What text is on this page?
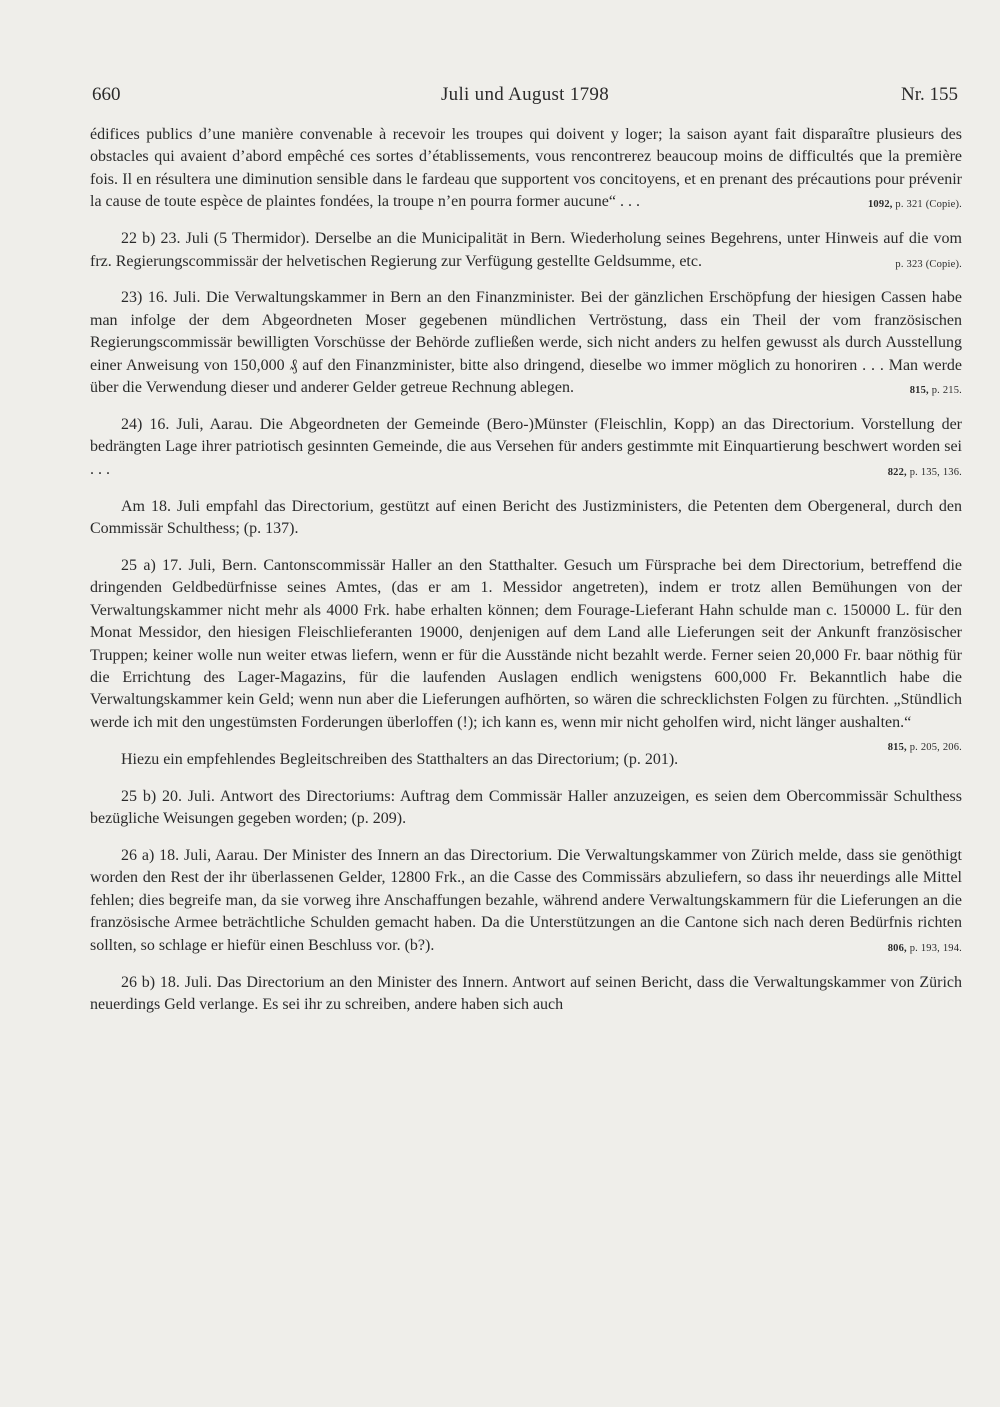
660	Juli und August 1798	Nr. 155

édifices publics d’une manière convenable à recevoir les troupes qui doivent y loger; la saison ayant fait disparaître plusieurs des obstacles qui avaient d’abord empêché ces sortes d’établissements, vous rencontrerez beaucoup moins de difficultés que la première fois. Il en résultera une diminution sensible dans le fardeau que supportent vos concitoyens, et en prenant des précautions pour prévenir la cause de toute espèce de plaintes fondées, la troupe n’en pourra former aucune“ . . .	1092, p. 321 (Copie).

22 b) 23. Juli (5 Thermidor). Derselbe an die Municipalität in Bern. Wiederholung seines Begehrens, unter Hinweis auf die vom frz. Regierungscommissär der helvetischen Regierung zur Verfügung gestellte Geldsumme, etc.	p. 323 (Copie).

23) 16. Juli. Die Verwaltungskammer in Bern an den Finanzminister. Bei der gänzlichen Erschöpfung der hiesigen Cassen habe man infolge der dem Abgeordneten Moser gegebenen mündlichen Vertröstung, dass ein Theil der vom französischen Regierungscommissär bewilligten Vorschüsse der Behörde zufließen werde, sich nicht anders zu helfen gewusst als durch Ausstellung einer Anweisung von 150,000 ₰ auf den Finanzminister, bitte also dringend, dieselbe wo immer möglich zu honoriren . . . Man werde über die Verwendung dieser und anderer Gelder getreue Rechnung ablegen.	815, p. 215.

24) 16. Juli, Aarau. Die Abgeordneten der Gemeinde (Bero-)Münster (Fleischlin, Kopp) an das Directorium. Vorstellung der bedrängten Lage ihrer patriotisch gesinnten Gemeinde, die aus Versehen für anders gestimmte mit Einquartierung beschwert worden sei . . .	822, p. 135, 136.

Am 18. Juli empfahl das Directorium, gestützt auf einen Bericht des Justizministers, die Petenten dem Obergeneral, durch den Commissär Schulthess; (p. 137).

25 a) 17. Juli, Bern. Cantonscommissär Haller an den Statthalter. Gesuch um Fürsprache bei dem Directorium, betreffend die dringenden Geldbedürfnisse seines Amtes, (das er am 1. Messidor angetreten), indem er trotz allen Bemühungen von der Verwaltungskammer nicht mehr als 4000 Frk. habe erhalten können; dem Fourage-Lieferant Hahn schulde man c. 150000 L. für den Monat Messidor, den hiesigen Fleischlieferanten 19000, denjenigen auf dem Land alle Lieferungen seit der Ankunft französischer Truppen; keiner wolle nun weiter etwas liefern, wenn er für die Ausstände nicht bezahlt werde. Ferner seien 20,000 Fr. baar nöthig für die Errichtung des Lager-Magazins, für die laufenden Auslagen endlich wenigstens 600,000 Fr. Bekanntlich habe die Verwaltungskammer kein Geld; wenn nun aber die Lieferungen aufhörten, so wären die schrecklichsten Folgen zu fürchten. „Stündlich werde ich mit den ungestümsten Forderungen überloffen (!); ich kann es, wenn mir nicht geholfen wird, nicht länger aushalten.“
815, p. 205, 206.

Hiezu ein empfehlendes Begleitschreiben des Statthalters an das Directorium; (p. 201).

25 b) 20. Juli. Antwort des Directoriums: Auftrag dem Commissär Haller anzuzeigen, es seien dem Obercommissär Schulthess bezügliche Weisungen gegeben worden; (p. 209).

26 a) 18. Juli, Aarau. Der Minister des Innern an das Directorium. Die Verwaltungskammer von Zürich melde, dass sie genöthigt worden den Rest der ihr überlassenen Gelder, 12800 Frk., an die Casse des Commissärs abzuliefern, so dass ihr neuerdings alle Mittel fehlen; dies begreife man, da sie vorweg ihre Anschaffungen bezahle, während andere Verwaltungskammern für die Lieferungen an die französische Armee beträchtliche Schulden gemacht haben. Da die Unterstützungen an die Cantone sich nach deren Bedürfnis richten sollten, so schlage er hiefür einen Beschluss vor. (b?).	806, p. 193, 194.

26 b) 18. Juli. Das Directorium an den Minister des Innern. Antwort auf seinen Bericht, dass die Verwaltungskammer von Zürich neuerdings Geld verlange. Es sei ihr zu schreiben, andere haben sich auch
